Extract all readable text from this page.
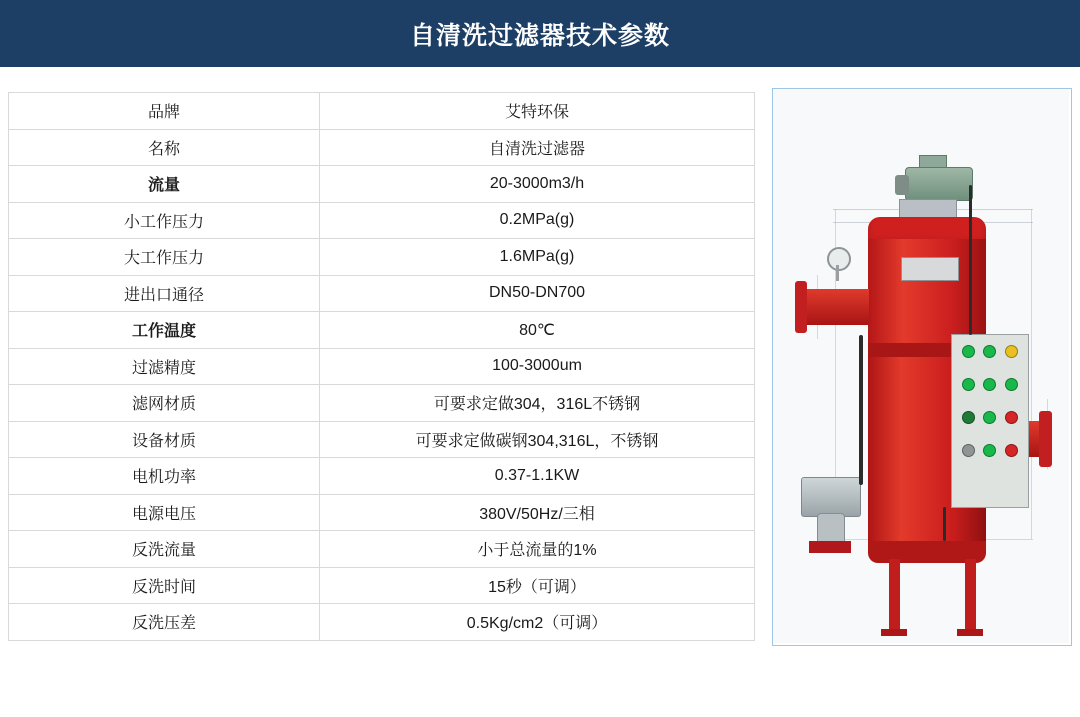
自清洗过滤器技术参数
品牌	艾特环保
名称	自清洗过滤器
流量	20-3000m3/h
小工作压力	0.2MPa(g)
大工作压力	1.6MPa(g)
进出口通径	DN50-DN700
工作温度	80℃
过滤精度	100-3000um
滤网材质	可要求定做304，316L不锈钢
设备材质	可要求定做碳钢304,316L，不锈钢
电机功率	0.37-1.1KW
电源电压	380V/50Hz/三相
反洗流量	小于总流量的1%
反洗时间	15秒（可调）
反洗压差	0.5Kg/cm2（可调）
